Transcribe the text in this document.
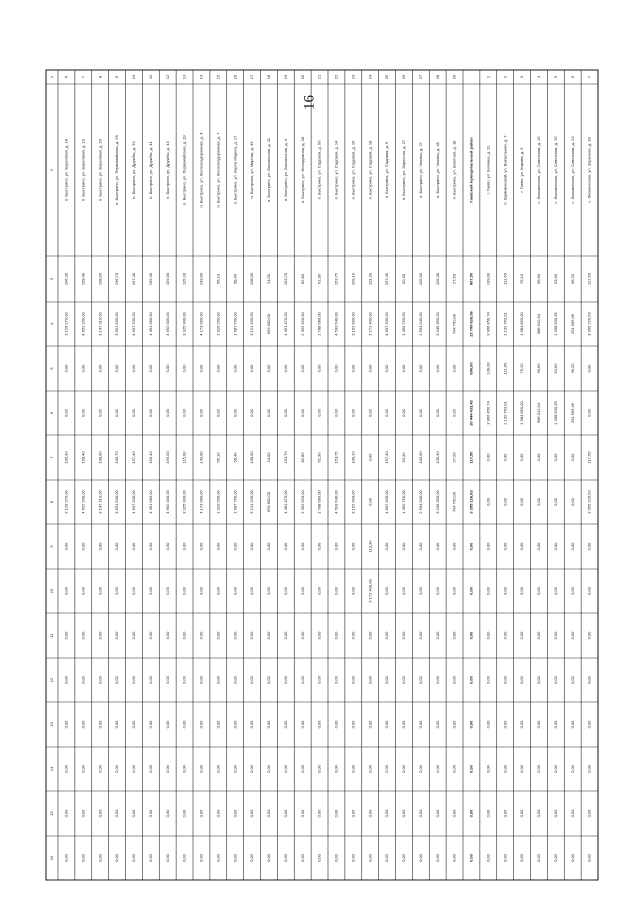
16
1
2
3
4
5
6
7
8
9
10
11
12
13
14
15
16
6
п. Быстрино, ул. Береговая, д. 18
106,30
3 129 270,00
0,00
0,00
106,30
3 129 270,00
0,00
0,00
0,00
0,00
0,00
0,00
0,00
0,00
7
п. Быстрино, ул. Береговая, д. 19
158,40
4 652 200,00
0,00
0,00
158,40
4 652 200,00
0,00
0,00
0,00
0,00
0,00
0,00
0,00
0,00
8
п. Быстрино, ул. Береговая, д. 20
108,90
3 147 310,00
0,00
0,00
108,90
3 147 310,00
0,00
0,00
0,00
0,00
0,00
0,00
0,00
0,00
9
п. Быстрино, ул. Первомайская, д. 2б
136,70
3 951 630,00
0,00
0,00
136,70
3 951 630,00
0,00
0,00
0,00
0,00
0,00
0,00
0,00
0,00
10
п. Быстрино, ул. Дружбы, д. 34
157,40
4 607 200,00
0,00
0,00
157,40
4 607 200,00
0,00
0,00
0,00
0,00
0,00
0,00
0,00
0,00
11
п. Быстрино, ул. Дружбы, д. 41
155,40
4 491 060,00
0,00
0,00
155,40
4 491 060,00
0,00
0,00
0,00
0,00
0,00
0,00
0,00
0,00
12
п. Быстрино, ул. Дружбы, д. 43
159,00
4 652 000,00
0,00
0,00
159,00
4 652 000,00
0,00
0,00
0,00
0,00
0,00
0,00
0,00
0,00
13
п. Быстрино, ул. Первомайская, д. 19
115,00
3 325 900,00
0,00
0,00
115,00
3 325 900,00
0,00
0,00
0,00
0,00
0,00
0,00
0,00
0,00
14
п. Быстрино, ул. Железнодорожная, д. 4
143,00
4 173 090,00
0,00
0,00
143,00
4 173 090,00
0,00
0,00
0,00
0,00
0,00
0,00
0,00
0,00
15
п. Быстрино, ул. Железнодорожная, д. 7
66,10
1 910 290,00
0,00
0,00
66,10
1 910 290,00
0,00
0,00
0,00
0,00
0,00
0,00
0,00
0,00
16
п. Быстрино, ул. Карла Маркса, д. 17
58,40
1 687 760,00
0,00
0,00
58,40
1 687 760,00
0,00
0,00
0,00
0,00
0,00
0,00
0,00
0,00
17
п. Быстрино, ул. Мирная, д. 43
108,00
3 121 200,00
0,00
0,00
108,00
3 121 200,00
0,00
0,00
0,00
0,00
0,00
0,00
0,00
0,00
18
п. Быстрино, ул. Вокзальная, д. 11
24,00
693 600,00
0,00
0,00
24,00
693 600,00
0,00
0,00
0,00
0,00
0,00
0,00
0,00
0,00
19
п. Быстрино, ул. Вокзальная, д. 4
153,70
4 491 470,00
0,00
0,00
153,70
4 491 470,00
0,00
0,00
0,00
0,00
0,00
0,00
0,00
0,00
20
п. Быстрино, ул. Молодежная, д. 28
82,80
2 392 920,00
0,00
0,00
82,80
2 392 920,00
0,00
0,00
0,00
0,00
0,00
0,00
0,00
0,00
21
п. Быстрино, ул. Садовая, д. 50
61,30
1 788 680,00
0,00
0,00
61,30
1 788 680,00
0,00
0,00
0,00
0,00
0,00
0,00
0,00
0,00
22
п. Быстрино, ул. Садовая, д. 14
153,75
4 503 640,00
0,00
0,00
153,75
4 503 640,00
0,00
0,00
0,00
0,00
0,00
0,00
0,00
0,00
23
п. Быстрино, ул. Садовая, д. 16
109,10
3 152 990,00
0,00
0,00
109,10
3 152 990,00
0,00
0,00
0,00
0,00
0,00
0,00
0,00
0,00
24
п. Быстрино, ул. Садовая, д. 18
113,30
3 172 400,00
0,00
0,00
0,00
0,00
113,30
3 172 400,00
0,00
0,00
0,00
0,00
0,00
0,00
25
п. Быстрино, ул. Садовая, д. 9
157,40
4 607 200,00
0,00
0,00
157,40
4 607 200,00
0,00
0,00
0,00
0,00
0,00
0,00
0,00
0,00
26
п. Быстрино, ул. Заречная, д. 27
50,30
1 450 750,00
0,00
0,00
50,30
1 450 750,00
0,00
0,00
0,00
0,00
0,00
0,00
0,00
0,00
27
п. Быстрино, ул. Чехова, д. 27
105,00
2 564 040,00
0,00
0,00
105,00
2 564 040,00
0,00
0,00
0,00
0,00
0,00
0,00
0,00
0,00
28
п. Быстрино, ул. Чехова, д. 45
105,30
3 045 350,00
0,00
0,00
105,30
3 045 350,00
0,00
0,00
0,00
0,00
0,00
0,00
0,00
0,00
29
п. Быстрино, ул. Шахтная, д. 18
27,50
794 750,00
0,00
0,00
27,50
794 750,00
0,00
0,00
0,00
0,00
0,00
0,00
0,00
0,00
Гаевский муниципальный район
807,50
23 799 626,06
690,00
20 444 433,43
117,50
3 355 226,63
0,00
0,00
0,00
0,00
0,00
0,00
0,00
0,00
1
г. Гаево, ул. Бочкина, д. 11
139,00
3 966 456,74
139,00
3 966 456,74
0,00
0,00
0,00
0,00
0,00
0,00
0,00
0,00
0,00
0,00
2
п. Шумихинский, ул. Вокзальная, д. 7
111,60
2 132 763,01
111,60
2 132 763,01
0,00
0,00
0,00
0,00
0,00
0,00
0,00
0,00
0,00
0,00
3
г. Гаево, ул. Кирова, д. 9
76,10
1 984 850,00
76,10
1 984 850,00
0,00
0,00
0,00
0,00
0,00
0,00
0,00
0,00
0,00
0,00
4
с. Лисьвенское, ул. Советская, д. 15
39,60
986 012,94
39,60
986 012,94
0,00
0,00
0,00
0,00
0,00
0,00
0,00
0,00
0,00
0,00
5
с. Лисьвенское, ул. Советская, д. 15
53,60
1 338 900,35
53,60
1 338 900,35
0,00
0,00
0,00
0,00
0,00
0,00
0,00
0,00
0,00
0,00
6
с. Лисьвенское, ул. Советская, д. 24
36,20
251 995,36
36,20
251 995,36
0,00
0,00
0,00
0,00
0,00
0,00
0,00
0,00
0,00
0,00
7
с. Лисьвенское, ул. Заречная, д. 18
117,50
3 355 226,63
0,00
0,00
117,50
3 355 226,63
0,00
0,00
0,00
0,00
0,00
0,00
0,00
0,00
